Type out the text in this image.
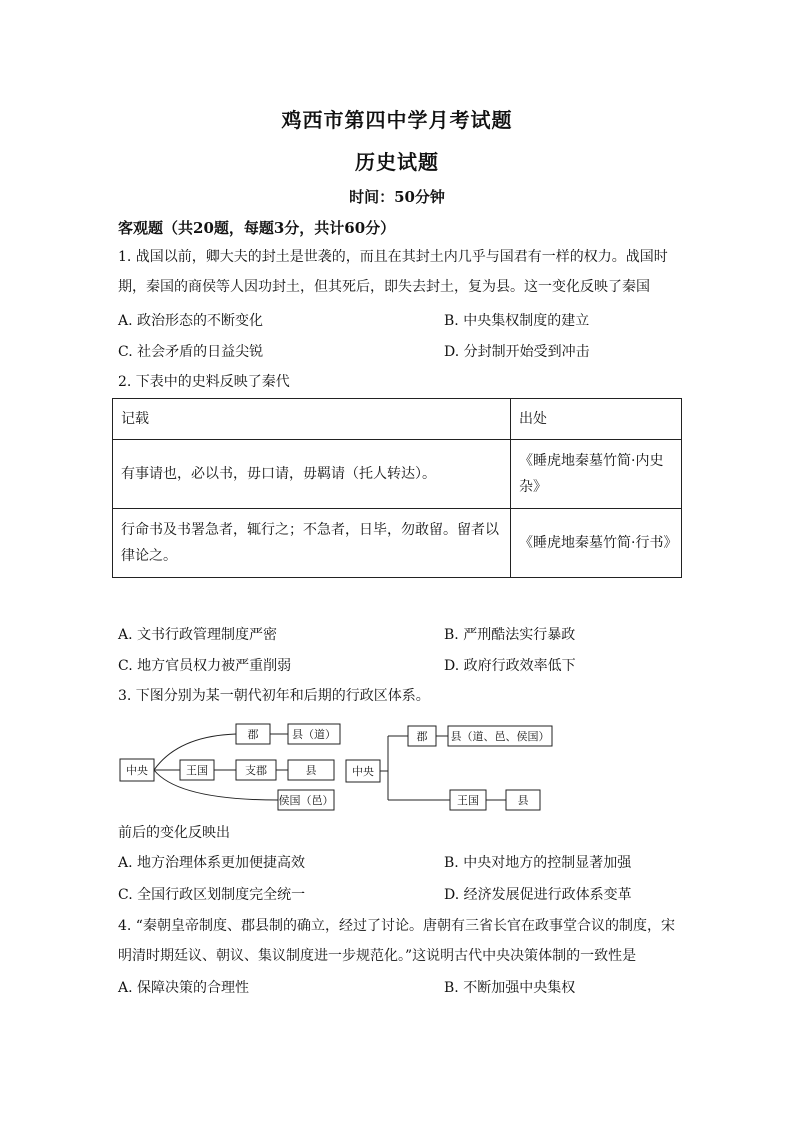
鸡西市第四中学月考试题
历史试题
时间：50分钟
客观题（共20题，每题3分，共计60分）
1. 战国以前，卿大夫的封土是世袭的，而且在其封土内几乎与国君有一样的权力。战国时期，秦国的商侯等人因功封土，但其死后，即失去封土，复为县。这一变化反映了秦国
A. 政治形态的不断变化	B. 中央集权制度的建立
C. 社会矛盾的日益尖锐	D. 分封制开始受到冲击
2. 下表中的史料反映了秦代
记载	出处
有事请也，必以书，毋口请，毋羁请（托人转达）。	《睡虎地秦墓竹简·内史杂》
行命书及书署急者，辄行之；不急者，日毕，勿敢留。留者以律论之。	《睡虎地秦墓竹简·行书》
A. 文书行政管理制度严密	B. 严刑酷法实行暴政
C. 地方官员权力被严重削弱	D. 政府行政效率低下
3. 下图分别为某一朝代初年和后期的行政区体系。
中央
郡	县（道）
王国	支郡	县
侯国（邑）
中央
郡 县（道、邑、侯国）
王国	县
前后的变化反映出
A. 地方治理体系更加便捷高效	B. 中央对地方的控制显著加强
C. 全国行政区划制度完全统一	D. 经济发展促进行政体系变革
4. “秦朝皇帝制度、郡县制的确立，经过了讨论。唐朝有三省长官在政事堂合议的制度，宋明清时期廷议、朝议、集议制度进一步规范化。”这说明古代中央决策体制的一致性是
A. 保障决策的合理性	B. 不断加强中央集权
